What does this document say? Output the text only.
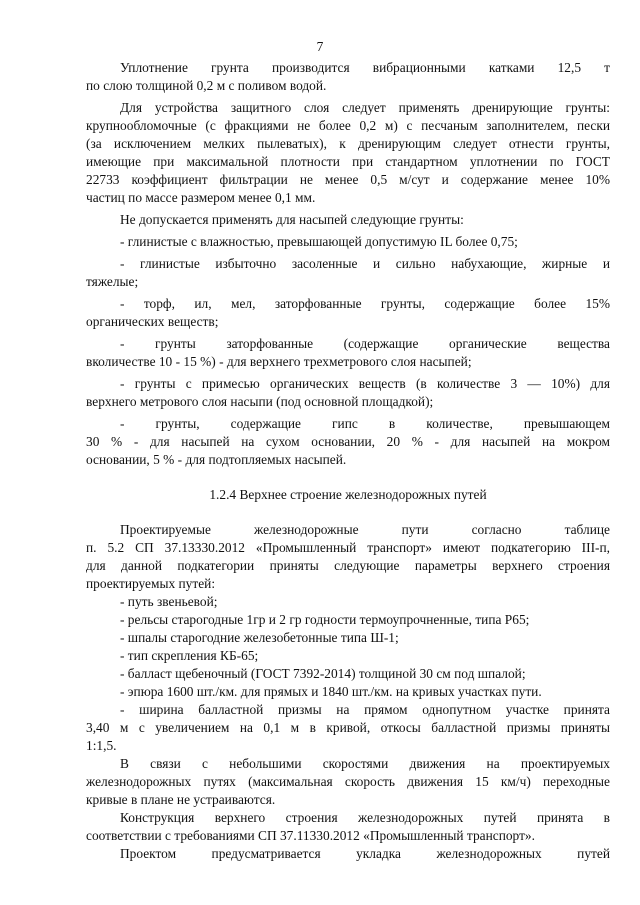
7
Уплотнение грунта производится вибрационными катками 12,5 т
по слою толщиной 0,2 м с поливом водой.
Для устройства защитного слоя следует применять дренирующие грунты:
крупнообломочные (с фракциями не более 0,2 м) с песчаным заполнителем, пески
(за исключением мелких пылеватых), к дренирующим следует отнести грунты,
имеющие при максимальной плотности при стандартном уплотнении по ГОСТ
22733 коэффициент фильтрации не менее 0,5 м/сут и содержание менее 10%
частиц по массе размером менее 0,1 мм.
Не допускается применять для насыпей следующие грунты:
- глинистые с влажностью, превышающей допустимую IL более 0,75;
- глинистые избыточно засоленные и сильно набухающие, жирные и
тяжелые;
- торф, ил, мел, заторфованные грунты, содержащие более 15%
органических веществ;
- грунты заторфованные (содержащие органические вещества
вколичестве 10 - 15 %) - для верхнего трехметрового слоя насыпей;
- грунты с примесью органических веществ (в количестве 3 — 10%) для
верхнего метрового слоя насыпи (под основной площадкой);
- грунты, содержащие гипс в количестве, превышающем
30 % - для насыпей на сухом основании, 20 % - для насыпей на мокром
основании, 5 % - для подтопляемых насыпей.
1.2.4 Верхнее строение железнодорожных путей
Проектируемые железнодорожные пути согласно таблице
п. 5.2 СП 37.13330.2012 «Промышленный транспорт» имеют подкатегорию III-п,
для данной подкатегории приняты следующие параметры верхнего строения
проектируемых путей:
- путь звеньевой;
- рельсы старогодные 1гр и 2 гр годности термоупрочненные, типа Р65;
- шпалы старогодние железобетонные типа Ш-1;
- тип скрепления КБ-65;
- балласт щебеночный (ГОСТ 7392-2014) толщиной 30 см под шпалой;
- эпюра 1600 шт./км. для прямых и 1840 шт./км. на кривых участках пути.
- ширина балластной призмы на прямом однопутном участке принята
3,40 м с увеличением на 0,1 м в кривой, откосы балластной призмы приняты
1:1,5.
В связи с небольшими скоростями движения на проектируемых
железнодорожных путях (максимальная скорость движения 15 км/ч) переходные
кривые в плане не устраиваются.
Конструкция верхнего строения железнодорожных путей принята в
соответствии с требованиями СП 37.11330.2012 «Промышленный транспорт».
Проектом предусматривается укладка железнодорожных путей
